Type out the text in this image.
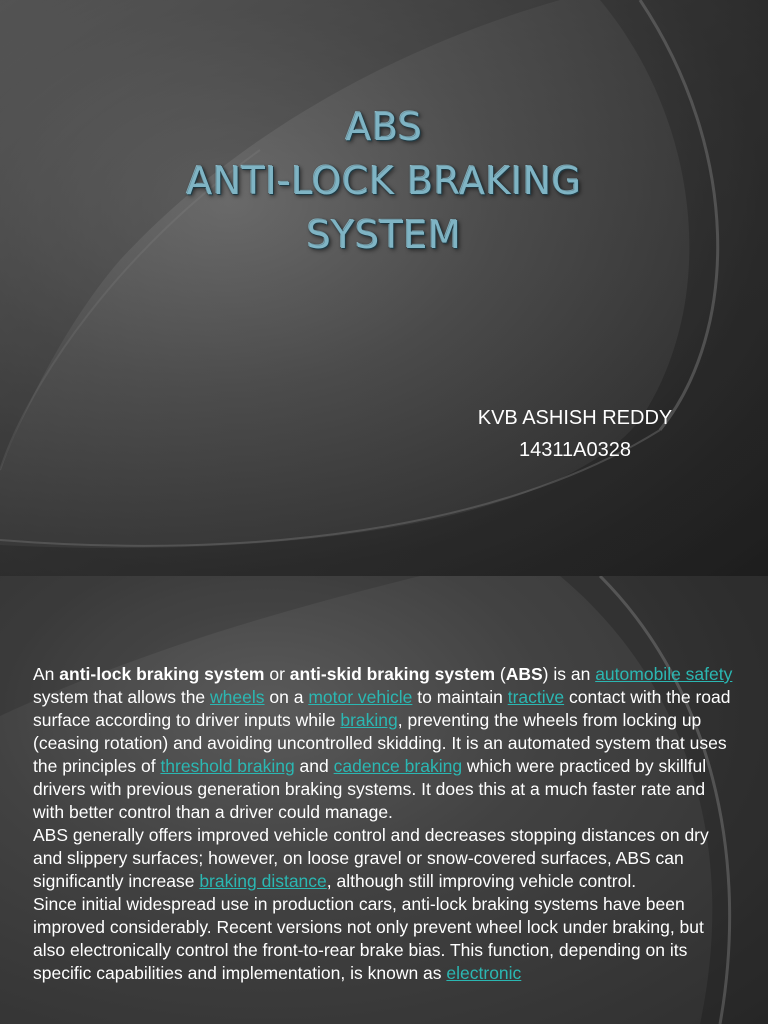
ABS
ANTI-LOCK BRAKING
SYSTEM
KVB ASHISH REDDY
14311A0328

An anti-lock braking system or anti-skid braking system (ABS) is an automobile safety system that allows the wheels on a motor vehicle to maintain tractive contact with the road surface according to driver inputs while braking, preventing the wheels from locking up (ceasing rotation) and avoiding uncontrolled skidding. It is an automated system that uses the principles of threshold braking and cadence braking which were practiced by skillful drivers with previous generation braking systems. It does this at a much faster rate and with better control than a driver could manage.

ABS generally offers improved vehicle control and decreases stopping distances on dry and slippery surfaces; however, on loose gravel or snow-covered surfaces, ABS can significantly increase braking distance, although still improving vehicle control.

Since initial widespread use in production cars, anti-lock braking systems have been improved considerably. Recent versions not only prevent wheel lock under braking, but also electronically control the front-to-rear brake bias. This function, depending on its specific capabilities and implementation, is known as electronic
